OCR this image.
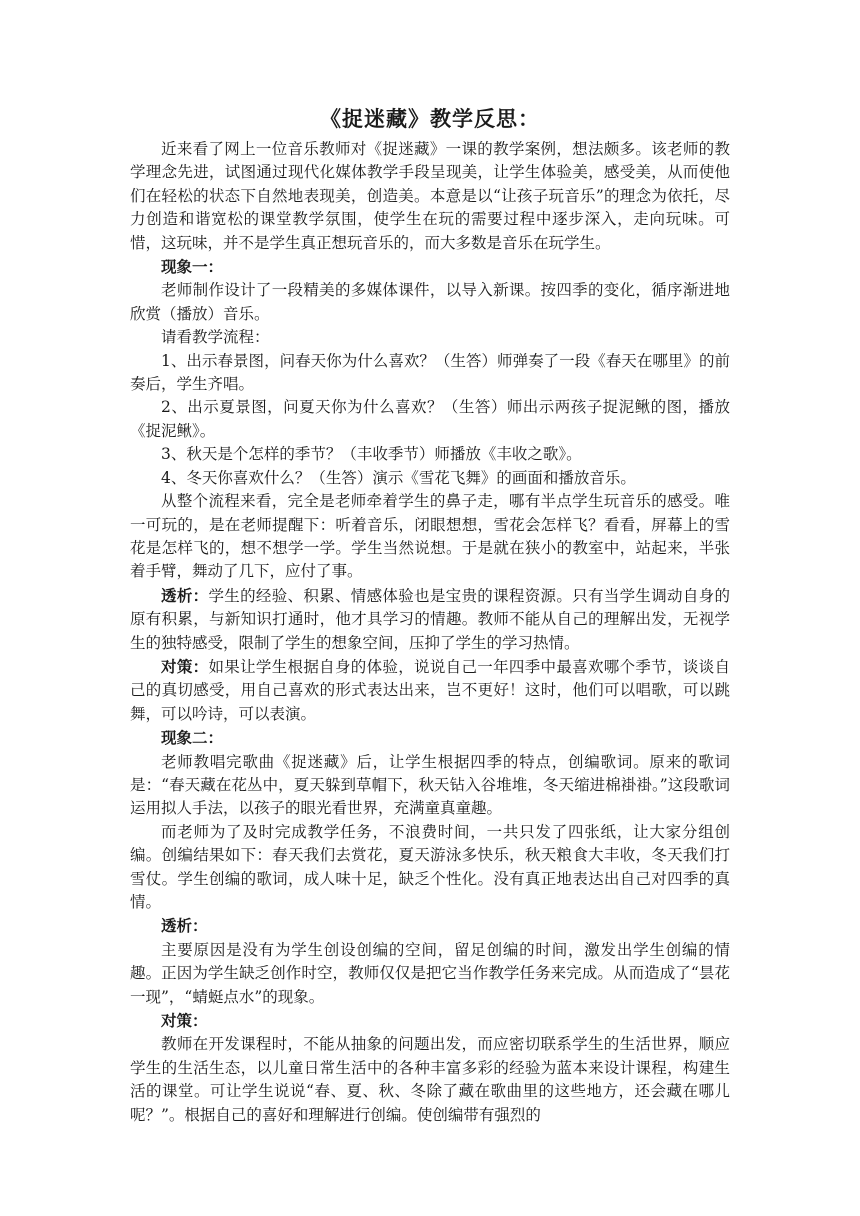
《捉迷藏》教学反思：

近来看了网上一位音乐教师对《捉迷藏》一课的教学案例，想法颇多。该老师的教学理念先进，试图通过现代化媒体教学手段呈现美，让学生体验美，感受美，从而使他们在轻松的状态下自然地表现美，创造美。本意是以“让孩子玩音乐”的理念为依托，尽力创造和谐宽松的课堂教学氛围，使学生在玩的需要过程中逐步深入，走向玩味。可惜，这玩味，并不是学生真正想玩音乐的，而大多数是音乐在玩学生。

现象一：

老师制作设计了一段精美的多媒体课件，以导入新课。按四季的变化，循序渐进地欣赏（播放）音乐。

请看教学流程：

1、出示春景图，问春天你为什么喜欢？（生答）师弹奏了一段《春天在哪里》的前奏后，学生齐唱。

2、出示夏景图，问夏天你为什么喜欢？（生答）师出示两孩子捉泥鳅的图，播放《捉泥鳅》。

3、秋天是个怎样的季节？（丰收季节）师播放《丰收之歌》。

4、冬天你喜欢什么？（生答）演示《雪花飞舞》的画面和播放音乐。

从整个流程来看，完全是老师牵着学生的鼻子走，哪有半点学生玩音乐的感受。唯一可玩的，是在老师提醒下：听着音乐，闭眼想想，雪花会怎样飞？看看，屏幕上的雪花是怎样飞的，想不想学一学。学生当然说想。于是就在狭小的教室中，站起来，半张着手臂，舞动了几下，应付了事。

透析：学生的经验、积累、情感体验也是宝贵的课程资源。只有当学生调动自身的原有积累，与新知识打通时，他才具学习的情趣。教师不能从自己的理解出发，无视学生的独特感受，限制了学生的想象空间，压抑了学生的学习热情。

对策：如果让学生根据自身的体验，说说自己一年四季中最喜欢哪个季节，谈谈自己的真切感受，用自己喜欢的形式表达出来，岂不更好！这时，他们可以唱歌，可以跳舞，可以吟诗，可以表演。

现象二：

老师教唱完歌曲《捉迷藏》后，让学生根据四季的特点，创编歌词。原来的歌词是：“春天藏在花丛中，夏天躲到草帽下，秋天钻入谷堆堆，冬天缩进棉褂褂。”这段歌词运用拟人手法，以孩子的眼光看世界，充满童真童趣。

而老师为了及时完成教学任务，不浪费时间，一共只发了四张纸，让大家分组创编。创编结果如下：春天我们去赏花，夏天游泳多快乐，秋天粮食大丰收，冬天我们打雪仗。学生创编的歌词，成人味十足，缺乏个性化。没有真正地表达出自己对四季的真情。

透析：

主要原因是没有为学生创设创编的空间，留足创编的时间，激发出学生创编的情趣。正因为学生缺乏创作时空，教师仅仅是把它当作教学任务来完成。从而造成了“昙花一现”，“蜻蜓点水”的现象。

对策：

教师在开发课程时，不能从抽象的问题出发，而应密切联系学生的生活世界，顺应学生的生活生态，以儿童日常生活中的各种丰富多彩的经验为蓝本来设计课程，构建生活的课堂。可让学生说说“春、夏、秋、冬除了藏在歌曲里的这些地方，还会藏在哪儿呢？”。根据自己的喜好和理解进行创编。使创编带有强烈的
